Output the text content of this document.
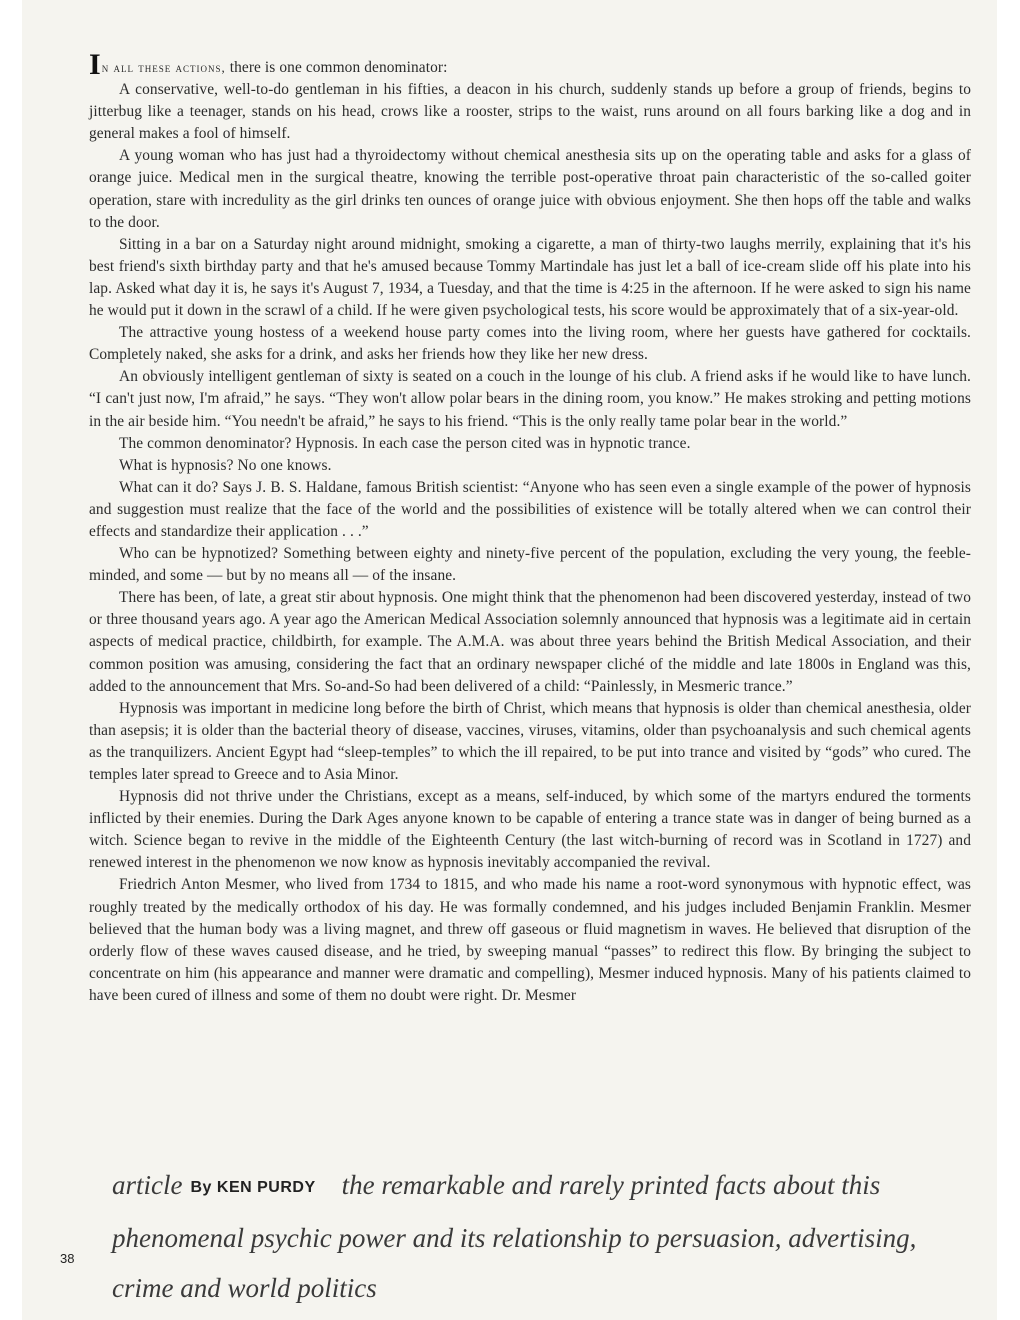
In all these actions, there is one common denominator:

A conservative, well-to-do gentleman in his fifties, a deacon in his church, suddenly stands up before a group of friends, begins to jitterbug like a teenager, stands on his head, crows like a rooster, strips to the waist, runs around on all fours barking like a dog and in general makes a fool of himself.

A young woman who has just had a thyroidectomy without chemical anesthesia sits up on the operating table and asks for a glass of orange juice. Medical men in the surgical theatre, knowing the terrible post-operative throat pain characteristic of the so-called goiter operation, stare with incredulity as the girl drinks ten ounces of orange juice with obvious enjoyment. She then hops off the table and walks to the door.

Sitting in a bar on a Saturday night around midnight, smoking a cigarette, a man of thirty-two laughs merrily, explaining that it's his best friend's sixth birthday party and that he's amused because Tommy Martindale has just let a ball of ice-cream slide off his plate into his lap. Asked what day it is, he says it's August 7, 1934, a Tuesday, and that the time is 4:25 in the afternoon. If he were asked to sign his name he would put it down in the scrawl of a child. If he were given psychological tests, his score would be approximately that of a six-year-old.

The attractive young hostess of a weekend house party comes into the living room, where her guests have gathered for cocktails. Completely naked, she asks for a drink, and asks her friends how they like her new dress.

An obviously intelligent gentleman of sixty is seated on a couch in the lounge of his club. A friend asks if he would like to have lunch. “I can't just now, I'm afraid,” he says. “They won't allow polar bears in the dining room, you know.” He makes stroking and petting motions in the air beside him. “You needn't be afraid,” he says to his friend. “This is the only really tame polar bear in the world.”

The common denominator? Hypnosis. In each case the person cited was in hypnotic trance.

What is hypnosis? No one knows.

What can it do? Says J. B. S. Haldane, famous British scientist: “Anyone who has seen even a single example of the power of hypnosis and suggestion must realize that the face of the world and the possibilities of existence will be totally altered when we can control their effects and standardize their application . . .”

Who can be hypnotized? Something between eighty and ninety-five percent of the population, excluding the very young, the feeble-minded, and some — but by no means all — of the insane.

There has been, of late, a great stir about hypnosis. One might think that the phenomenon had been discovered yesterday, instead of two or three thousand years ago. A year ago the American Medical Association solemnly announced that hypnosis was a legitimate aid in certain aspects of medical practice, childbirth, for example. The A.M.A. was about three years behind the British Medical Association, and their common position was amusing, considering the fact that an ordinary newspaper cliché of the middle and late 1800s in England was this, added to the announcement that Mrs. So-and-So had been delivered of a child: “Painlessly, in Mesmeric trance.”

Hypnosis was important in medicine long before the birth of Christ, which means that hypnosis is older than chemical anesthesia, older than asepsis; it is older than the bacterial theory of disease, vaccines, viruses, vitamins, older than psychoanalysis and such chemical agents as the tranquilizers. Ancient Egypt had “sleep-temples” to which the ill repaired, to be put into trance and visited by “gods” who cured. The temples later spread to Greece and to Asia Minor.

Hypnosis did not thrive under the Christians, except as a means, self-induced, by which some of the martyrs endured the torments inflicted by their enemies. During the Dark Ages anyone known to be capable of entering a trance state was in danger of being burned as a witch. Science began to revive in the middle of the Eighteenth Century (the last witch-burning of record was in Scotland in 1727) and renewed interest in the phenomenon we now know as hypnosis inevitably accompanied the revival.

Friedrich Anton Mesmer, who lived from 1734 to 1815, and who made his name a root-word synonymous with hypnotic effect, was roughly treated by the medically orthodox of his day. He was formally condemned, and his judges included Benjamin Franklin. Mesmer believed that the human body was a living magnet, and threw off gaseous or fluid magnetism in waves. He believed that disruption of the orderly flow of these waves caused disease, and he tried, by sweeping manual “passes” to redirect this flow. By bringing the subject to concentrate on him (his appearance and manner were dramatic and compelling), Mesmer induced hypnosis. Many of his patients claimed to have been cured of illness and some of them no doubt were right. Dr. Mesmer

article By KEN PURDY the remarkable and rarely printed facts about this phenomenal psychic power and its relationship to persuasion, advertising, crime and world politics
38
